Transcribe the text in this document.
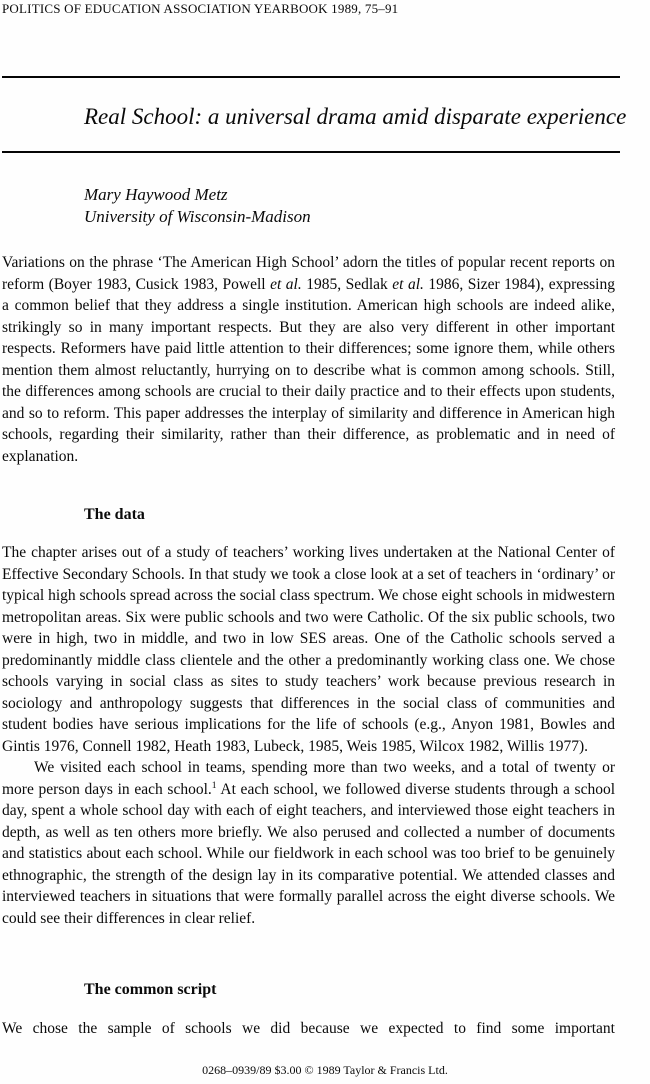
POLITICS OF EDUCATION ASSOCIATION YEARBOOK 1989, 75–91
Real School: a universal drama amid disparate experience
Mary Haywood Metz
University of Wisconsin-Madison
Variations on the phrase ‘The American High School’ adorn the titles of popular recent reports on reform (Boyer 1983, Cusick 1983, Powell et al. 1985, Sedlak et al. 1986, Sizer 1984), expressing a common belief that they address a single institution. American high schools are indeed alike, strikingly so in many important respects. But they are also very different in other important respects. Reformers have paid little attention to their differences; some ignore them, while others mention them almost reluctantly, hurrying on to describe what is common among schools. Still, the differences among schools are crucial to their daily practice and to their effects upon students, and so to reform. This paper addresses the interplay of similarity and difference in American high schools, regarding their similarity, rather than their difference, as problematic and in need of explanation.
The data

The chapter arises out of a study of teachers’ working lives undertaken at the National Center of Effective Secondary Schools. In that study we took a close look at a set of teachers in ‘ordinary’ or typical high schools spread across the social class spectrum. We chose eight schools in midwestern metropolitan areas. Six were public schools and two were Catholic. Of the six public schools, two were in high, two in middle, and two in low SES areas. One of the Catholic schools served a predominantly middle class clientele and the other a predominantly working class one. We chose schools varying in social class as sites to study teachers’ work because previous research in sociology and anthropology suggests that differences in the social class of communities and student bodies have serious implications for the life of schools (e.g., Anyon 1981, Bowles and Gintis 1976, Connell 1982, Heath 1983, Lubeck, 1985, Weis 1985, Wilcox 1982, Willis 1977).

We visited each school in teams, spending more than two weeks, and a total of twenty or more person days in each school.$^1$ At each school, we followed diverse students through a school day, spent a whole school day with each of eight teachers, and interviewed those eight teachers in depth, as well as ten others more briefly. We also perused and collected a number of documents and statistics about each school. While our fieldwork in each school was too brief to be genuinely ethnographic, the strength of the design lay in its comparative potential. We attended classes and interviewed teachers in situations that were formally parallel across the eight diverse schools. We could see their differences in clear relief.

The common script
We chose the sample of schools we did because we expected to find some important
0268–0939/89 $3.00 © 1989 Taylor & Francis Ltd.
